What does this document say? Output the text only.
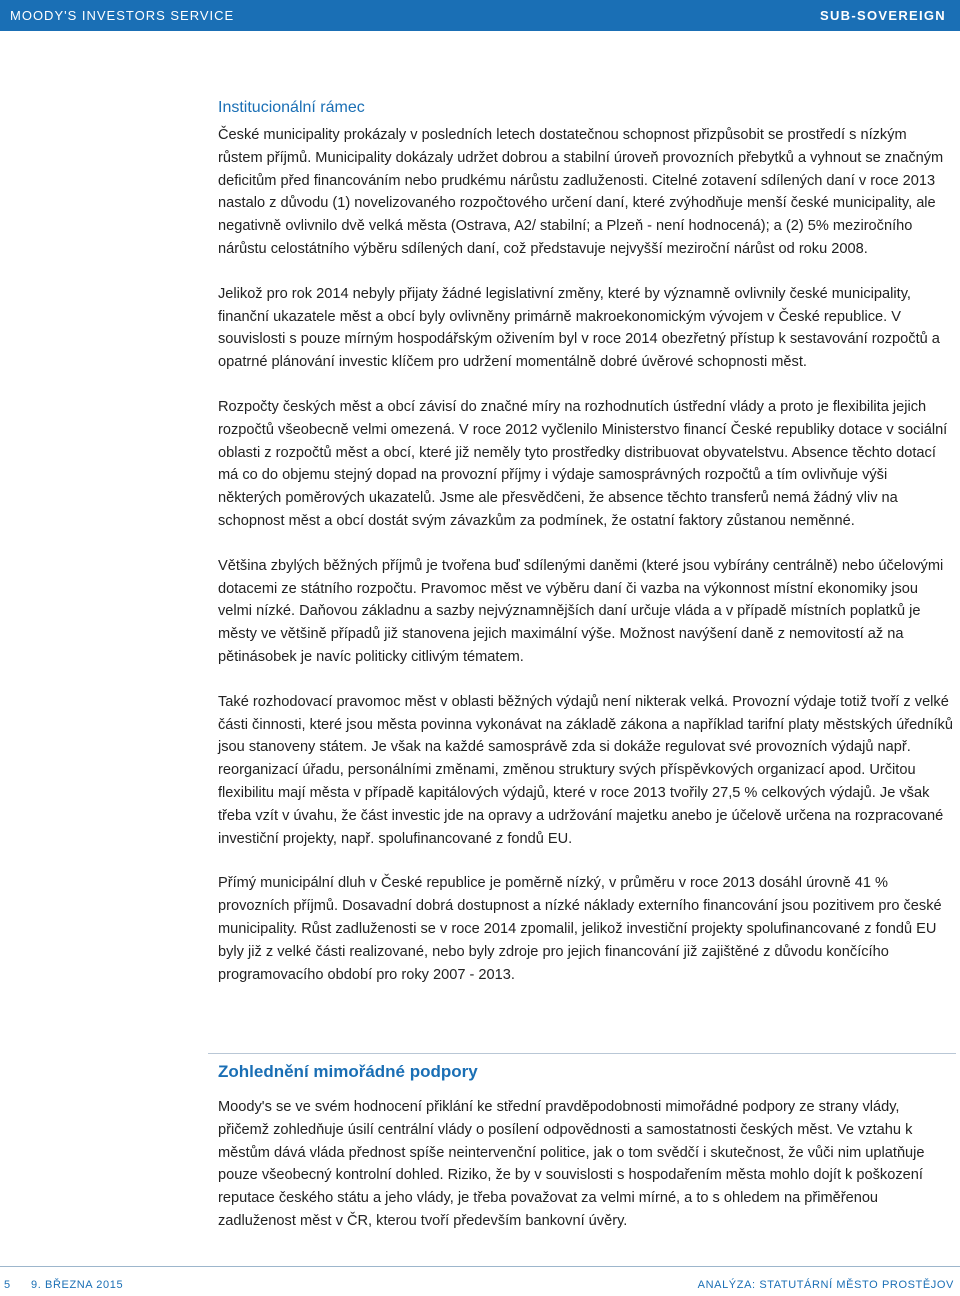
MOODY'S INVESTORS SERVICE	SUB-SOVEREIGN
Institucionální rámec

České municipality prokázaly v posledních letech dostatečnou schopnost přizpůsobit se prostředí s nízkým růstem příjmů. Municipality dokázaly udržet dobrou a stabilní úroveň provozních přebytků a vyhnout se značným deficitům před financováním nebo prudkému nárůstu zadluženosti. Citelné zotavení sdílených daní v roce 2013 nastalo z důvodu (1) novelizovaného rozpočtového určení daní, které zvýhodňuje menší české municipality, ale negativně ovlivnilo dvě velká města (Ostrava, A2/ stabilní; a Plzeň - není hodnocená); a (2) 5% meziročního nárůstu celostátního výběru sdílených daní, což představuje nejvyšší meziroční nárůst od roku 2008.

Jelikož pro rok 2014 nebyly přijaty žádné legislativní změny, které by významně ovlivnily české municipality, finanční ukazatele měst a obcí byly ovlivněny primárně makroekonomickým vývojem v České republice. V souvislosti s pouze mírným hospodářským oživením byl v roce 2014 obezřetný přístup k sestavování rozpočtů a opatrné plánování investic klíčem pro udržení momentálně dobré úvěrové schopnosti měst.

Rozpočty českých měst a obcí závisí do značné míry na rozhodnutích ústřední vlády a proto je flexibilita jejich rozpočtů všeobecně velmi omezená. V roce 2012 vyčlenilo Ministerstvo financí České republiky dotace v sociální oblasti z rozpočtů měst a obcí, které již neměly tyto prostředky distribuovat obyvatelstvu. Absence těchto dotací má co do objemu stejný dopad na provozní příjmy i výdaje samosprávných rozpočtů a tím ovlivňuje výši některých poměrových ukazatelů. Jsme ale přesvědčeni, že absence těchto transferů nemá žádný vliv na schopnost měst a obcí dostát svým závazkům za podmínek, že ostatní faktory zůstanou neměnné.

Většina zbylých běžných příjmů je tvořena buď sdílenými daněmi (které jsou vybírány centrálně) nebo účelovými dotacemi ze státního rozpočtu. Pravomoc měst ve výběru daní či vazba na výkonnost místní ekonomiky jsou velmi nízké. Daňovou základnu a sazby nejvýznamnějších daní určuje vláda a v případě místních poplatků je městy ve většině případů již stanovena jejich maximální výše. Možnost navýšení daně z nemovitostí až na pětinásobek je navíc politicky citlivým tématem.

Také rozhodovací pravomoc měst v oblasti běžných výdajů není nikterak velká. Provozní výdaje totiž tvoří z velké části činnosti, které jsou města povinna vykonávat na základě zákona a například tarifní platy městských úředníků jsou stanoveny státem. Je však na každé samosprávě zda si dokáže regulovat své provozních výdajů např. reorganizací úřadu, personálními změnami, změnou struktury svých příspěvkových organizací apod. Určitou flexibilitu mají města v případě kapitálových výdajů, které v roce 2013 tvořily 27,5 % celkových výdajů. Je však třeba vzít v úvahu, že část investic jde na opravy a udržování majetku anebo je účelově určena na rozpracované investiční projekty, např. spolufinancované z fondů EU.

Přímý municipální dluh v České republice je poměrně nízký, v průměru v roce 2013 dosáhl úrovně 41 % provozních příjmů. Dosavadní dobrá dostupnost a nízké náklady externího financování jsou pozitivem pro české municipality. Růst zadluženosti se v roce 2014 zpomalil, jelikož investiční projekty spolufinancované z fondů EU byly již z velké části realizované, nebo byly zdroje pro jejich financování již zajištěné z důvodu končícího programovacího období pro roky 2007 - 2013.

Zohlednění mimořádné podpory

Moody's se ve svém hodnocení přiklání ke střední pravděpodobnosti mimořádné podpory ze strany vlády, přičemž zohledňuje úsilí centrální vlády o posílení odpovědnosti a samostatnosti českých měst. Ve vztahu k městům dává vláda přednost spíše neintervenční politice, jak o tom svědčí i skutečnost, že vůči nim uplatňuje pouze všeobecný kontrolní dohled. Riziko, že by v souvislosti s hospodařením města mohlo dojít k poškození reputace českého státu a jeho vlády, je třeba považovat za velmi mírné, a to s ohledem na přiměřenou zadluženost měst v ČR, kterou tvoří především bankovní úvěry.

5 9. BŘEZNA 2015	ANALÝZA: STATUTÁRNÍ MĚSTO PROSTĚJOV
